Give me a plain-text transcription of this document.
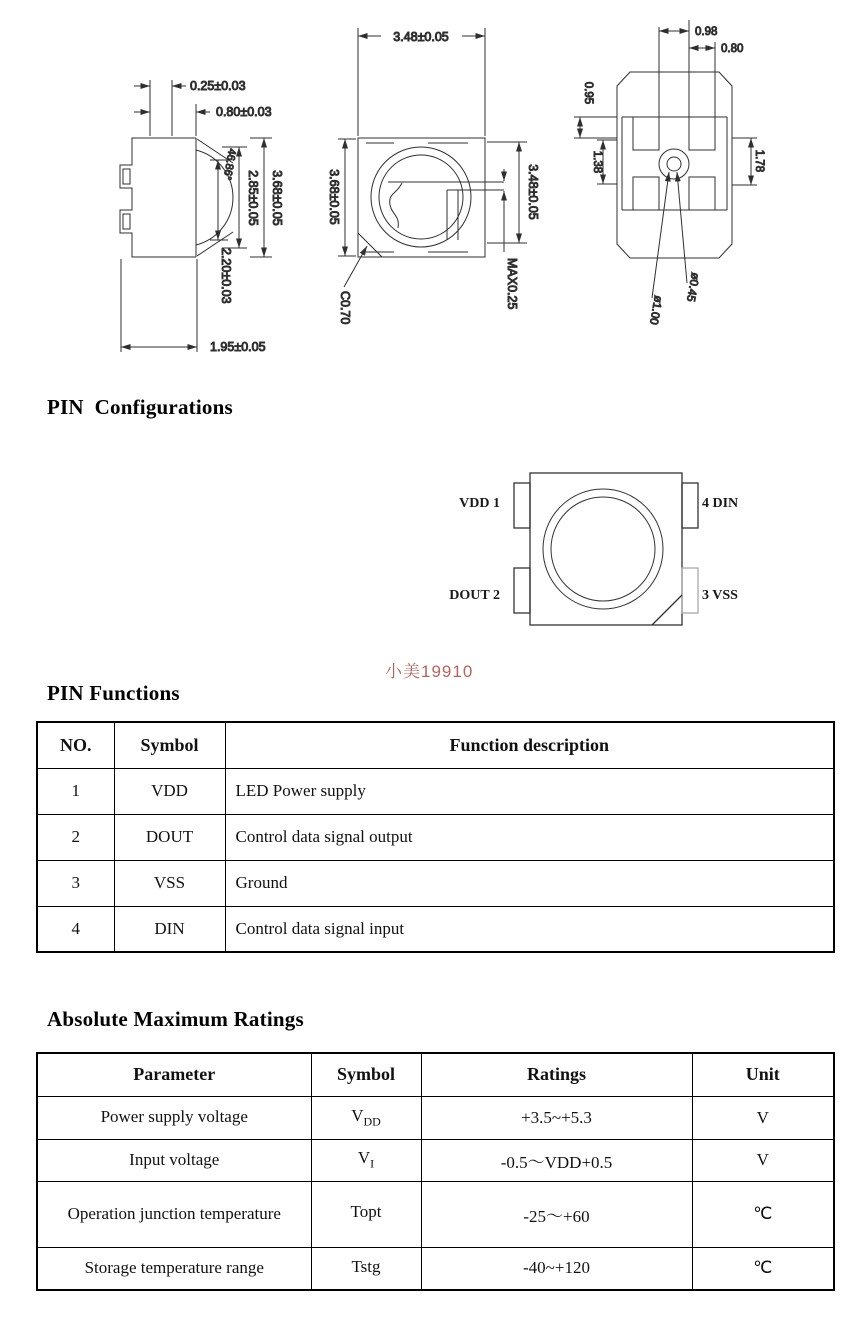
0.25±0.03
0.80±0.03
2.85±0.05 3.68±0.05
2.20±0.03
1.95±0.05
46.86°
MAX0.25
3.48±0.05
3.68±0.05
3.48±0.05
C0.70
0.98
0.80
0.95
1.38	1.78
ø1.00
ø0.45
PIN  Configurations
VDD 1
DOUT 2
4 DIN
3 VSS
小美19910
PIN Functions
NO.	Symbol	Function description
1	VDD	LED Power supply
2	DOUT	Control data signal output
3	VSS	Ground
4	DIN	Control data signal input
Absolute Maximum Ratings
Parameter	Symbol	Ratings	Unit
Power supply voltage	$V_{DD}$	+3.5~+5.3	V
Input voltage	$V_I$	-0.5～VDD+0.5	V
Operation junction temperature	Topt	-25～+60	℃
Storage temperature range	Tstg	-40~+120	℃
